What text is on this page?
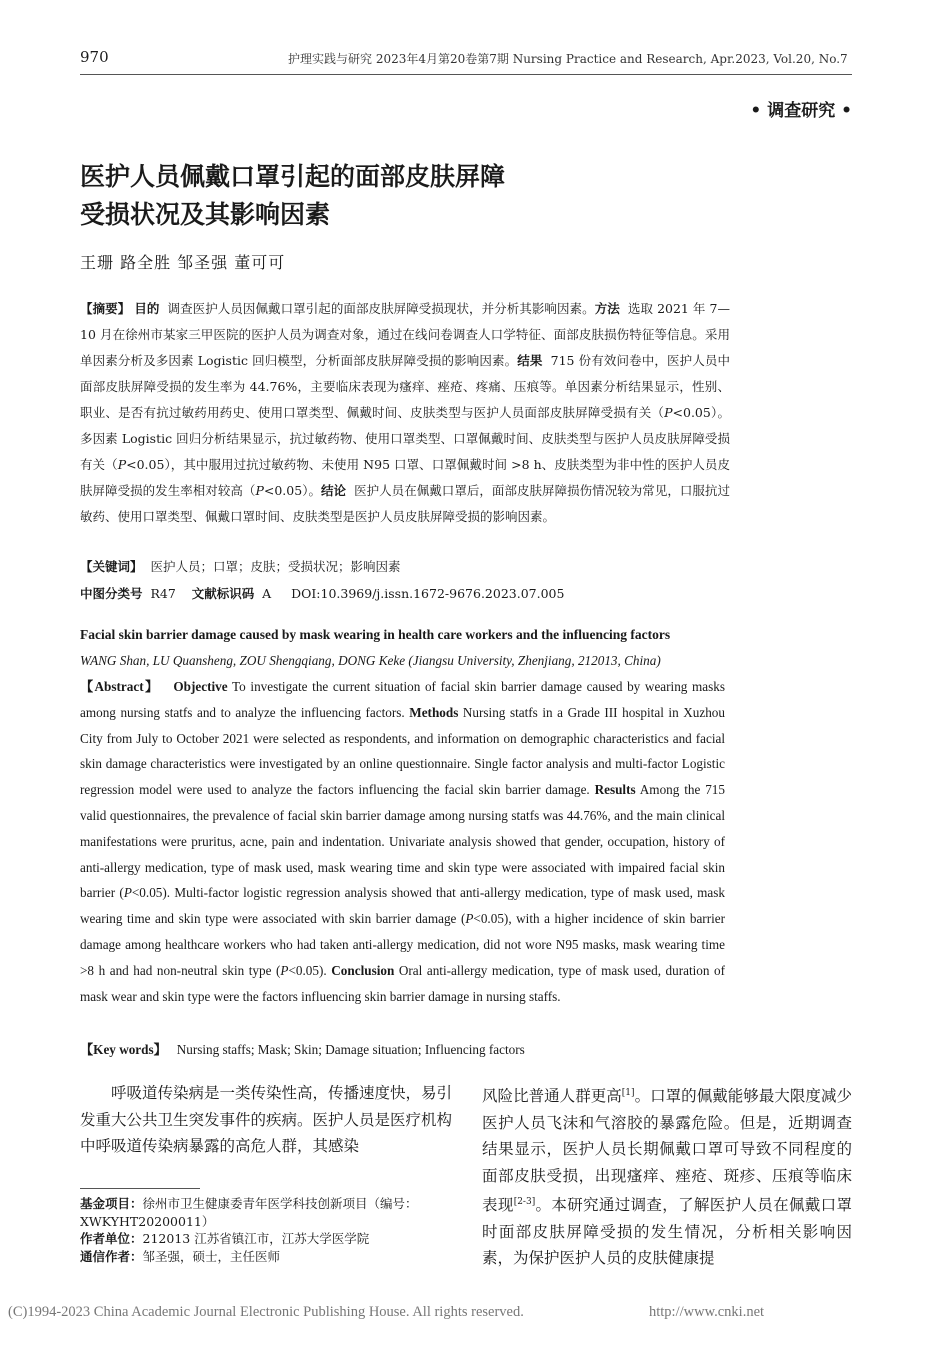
970	护理实践与研究 2023年4月第20卷第7期 Nursing Practice and Research, Apr.2023, Vol.20, No.7
• 调查研究 •
医护人员佩戴口罩引起的面部皮肤屏障
受损状况及其影响因素
王珊 路全胜 邹圣强 董可可
【摘要】 目的 调查医护人员因佩戴口罩引起的面部皮肤屏障受损现状，并分析其影响因素。方法 选取 2021 年 7—10 月在徐州市某家三甲医院的医护人员为调查对象，通过在线问卷调查人口学特征、面部皮肤损伤特征等信息。采用单因素分析及多因素 Logistic 回归模型，分析面部皮肤屏障受损的影响因素。结果 715 份有效问卷中，医护人员中面部皮肤屏障受损的发生率为 44.76%，主要临床表现为瘙痒、痤疮、疼痛、压痕等。单因素分析结果显示，性别、职业、是否有抗过敏药用药史、使用口罩类型、佩戴时间、皮肤类型与医护人员面部皮肤屏障受损有关（P<0.05）。多因素 Logistic 回归分析结果显示，抗过敏药物、使用口罩类型、口罩佩戴时间、皮肤类型与医护人员皮肤屏障受损有关（P<0.05），其中服用过抗过敏药物、未使用 N95 口罩、口罩佩戴时间 >8 h、皮肤类型为非中性的医护人员皮肤屏障受损的发生率相对较高（P<0.05）。结论 医护人员在佩戴口罩后，面部皮肤屏障损伤情况较为常见，口服抗过敏药、使用口罩类型、佩戴口罩时间、皮肤类型是医护人员皮肤屏障受损的影响因素。
【关键词】 医护人员；口罩；皮肤；受损状况；影响因素
中图分类号 R47 文献标识码 A DOI:10.3969/j.issn.1672-9676.2023.07.005
Facial skin barrier damage caused by mask wearing in health care workers and the influencing factors
WANG Shan, LU Quansheng, ZOU Shengqiang, DONG Keke (Jiangsu University, Zhenjiang, 212013, China)
【Abstract】 Objective To investigate the current situation of facial skin barrier damage caused by wearing masks among nursing statfs and to analyze the influencing factors. Methods Nursing statfs in a Grade III hospital in Xuzhou City from July to October 2021 were selected as respondents, and information on demographic characteristics and facial skin damage characteristics were investigated by an online questionnaire. Single factor analysis and multi-factor Logistic regression model were used to analyze the factors influencing the facial skin barrier damage. Results Among the 715 valid questionnaires, the prevalence of facial skin barrier damage among nursing statfs was 44.76%, and the main clinical manifestations were pruritus, acne, pain and indentation. Univariate analysis showed that gender, occupation, history of anti-allergy medication, type of mask used, mask wearing time and skin type were associated with impaired facial skin barrier (P<0.05). Multi-factor logistic regression analysis showed that anti-allergy medication, type of mask used, mask wearing time and skin type were associated with skin barrier damage (P<0.05), with a higher incidence of skin barrier damage among healthcare workers who had taken anti-allergy medication, did not wore N95 masks, mask wearing time >8 h and had non-neutral skin type (P<0.05). Conclusion Oral anti-allergy medication, type of mask used, duration of mask wear and skin type were the factors influencing skin barrier damage in nursing staffs.
【Key words】 Nursing staffs; Mask; Skin; Damage situation; Influencing factors
呼吸道传染病是一类传染性高，传播速度快，易引发重大公共卫生突发事件的疾病。医护人员是医疗机构中呼吸道传染病暴露的高危人群，其感染
风险比普通人群更高[1]。口罩的佩戴能够最大限度减少医护人员飞沫和气溶胶的暴露危险。但是，近期调查结果显示，医护人员长期佩戴口罩可导致不同程度的面部皮肤受损，出现瘙痒、痤疮、斑疹、压痕等临床表现[2-3]。本研究通过调查，了解医护人员在佩戴口罩时面部皮肤屏障受损的发生情况，分析相关影响因素，为保护医护人员的皮肤健康提
基金项目：徐州市卫生健康委青年医学科技创新项目（编号：XWKYHT20200011）
作者单位：212013 江苏省镇江市，江苏大学医学院
通信作者：邹圣强，硕士，主任医师
(C)1994-2023 China Academic Journal Electronic Publishing House. All rights reserved.	http://www.cnki.net
